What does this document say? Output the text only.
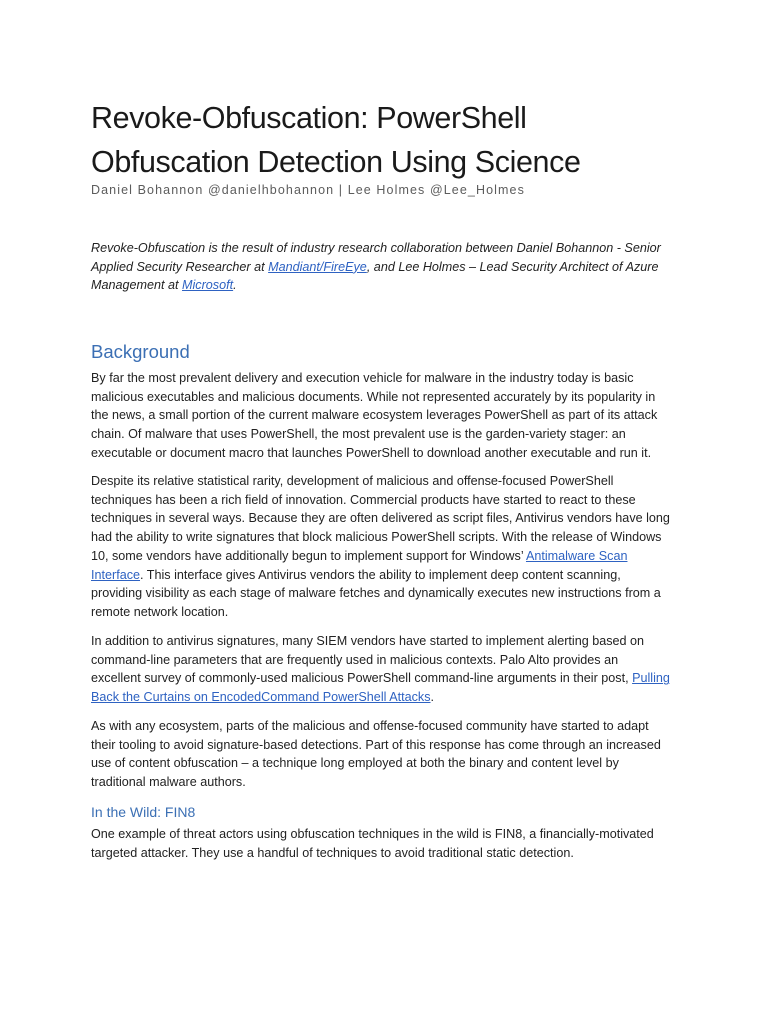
Revoke-Obfuscation: PowerShell
Obfuscation Detection Using Science
Daniel Bohannon @danielhbohannon | Lee Holmes @Lee_Holmes
Revoke-Obfuscation is the result of industry research collaboration between Daniel Bohannon - Senior
Applied Security Researcher at Mandiant/FireEye, and Lee Holmes – Lead Security Architect of Azure
Management at Microsoft.
Background
By far the most prevalent delivery and execution vehicle for malware in the industry today is basic
malicious executables and malicious documents. While not represented accurately by its popularity in
the news, a small portion of the current malware ecosystem leverages PowerShell as part of its attack
chain. Of malware that uses PowerShell, the most prevalent use is the garden-variety stager: an
executable or document macro that launches PowerShell to download another executable and run it.
Despite its relative statistical rarity, development of malicious and offense-focused PowerShell
techniques has been a rich field of innovation. Commercial products have started to react to these
techniques in several ways. Because they are often delivered as script files, Antivirus vendors have long
had the ability to write signatures that block malicious PowerShell scripts. With the release of Windows
10, some vendors have additionally begun to implement support for Windows’ Antimalware Scan
Interface. This interface gives Antivirus vendors the ability to implement deep content scanning,
providing visibility as each stage of malware fetches and dynamically executes new instructions from a
remote network location.
In addition to antivirus signatures, many SIEM vendors have started to implement alerting based on
command-line parameters that are frequently used in malicious contexts. Palo Alto provides an
excellent survey of commonly-used malicious PowerShell command-line arguments in their post, Pulling
Back the Curtains on EncodedCommand PowerShell Attacks.
As with any ecosystem, parts of the malicious and offense-focused community have started to adapt
their tooling to avoid signature-based detections. Part of this response has come through an increased
use of content obfuscation – a technique long employed at both the binary and content level by
traditional malware authors.
In the Wild: FIN8
One example of threat actors using obfuscation techniques in the wild is FIN8, a financially-motivated
targeted attacker. They use a handful of techniques to avoid traditional static detection.
